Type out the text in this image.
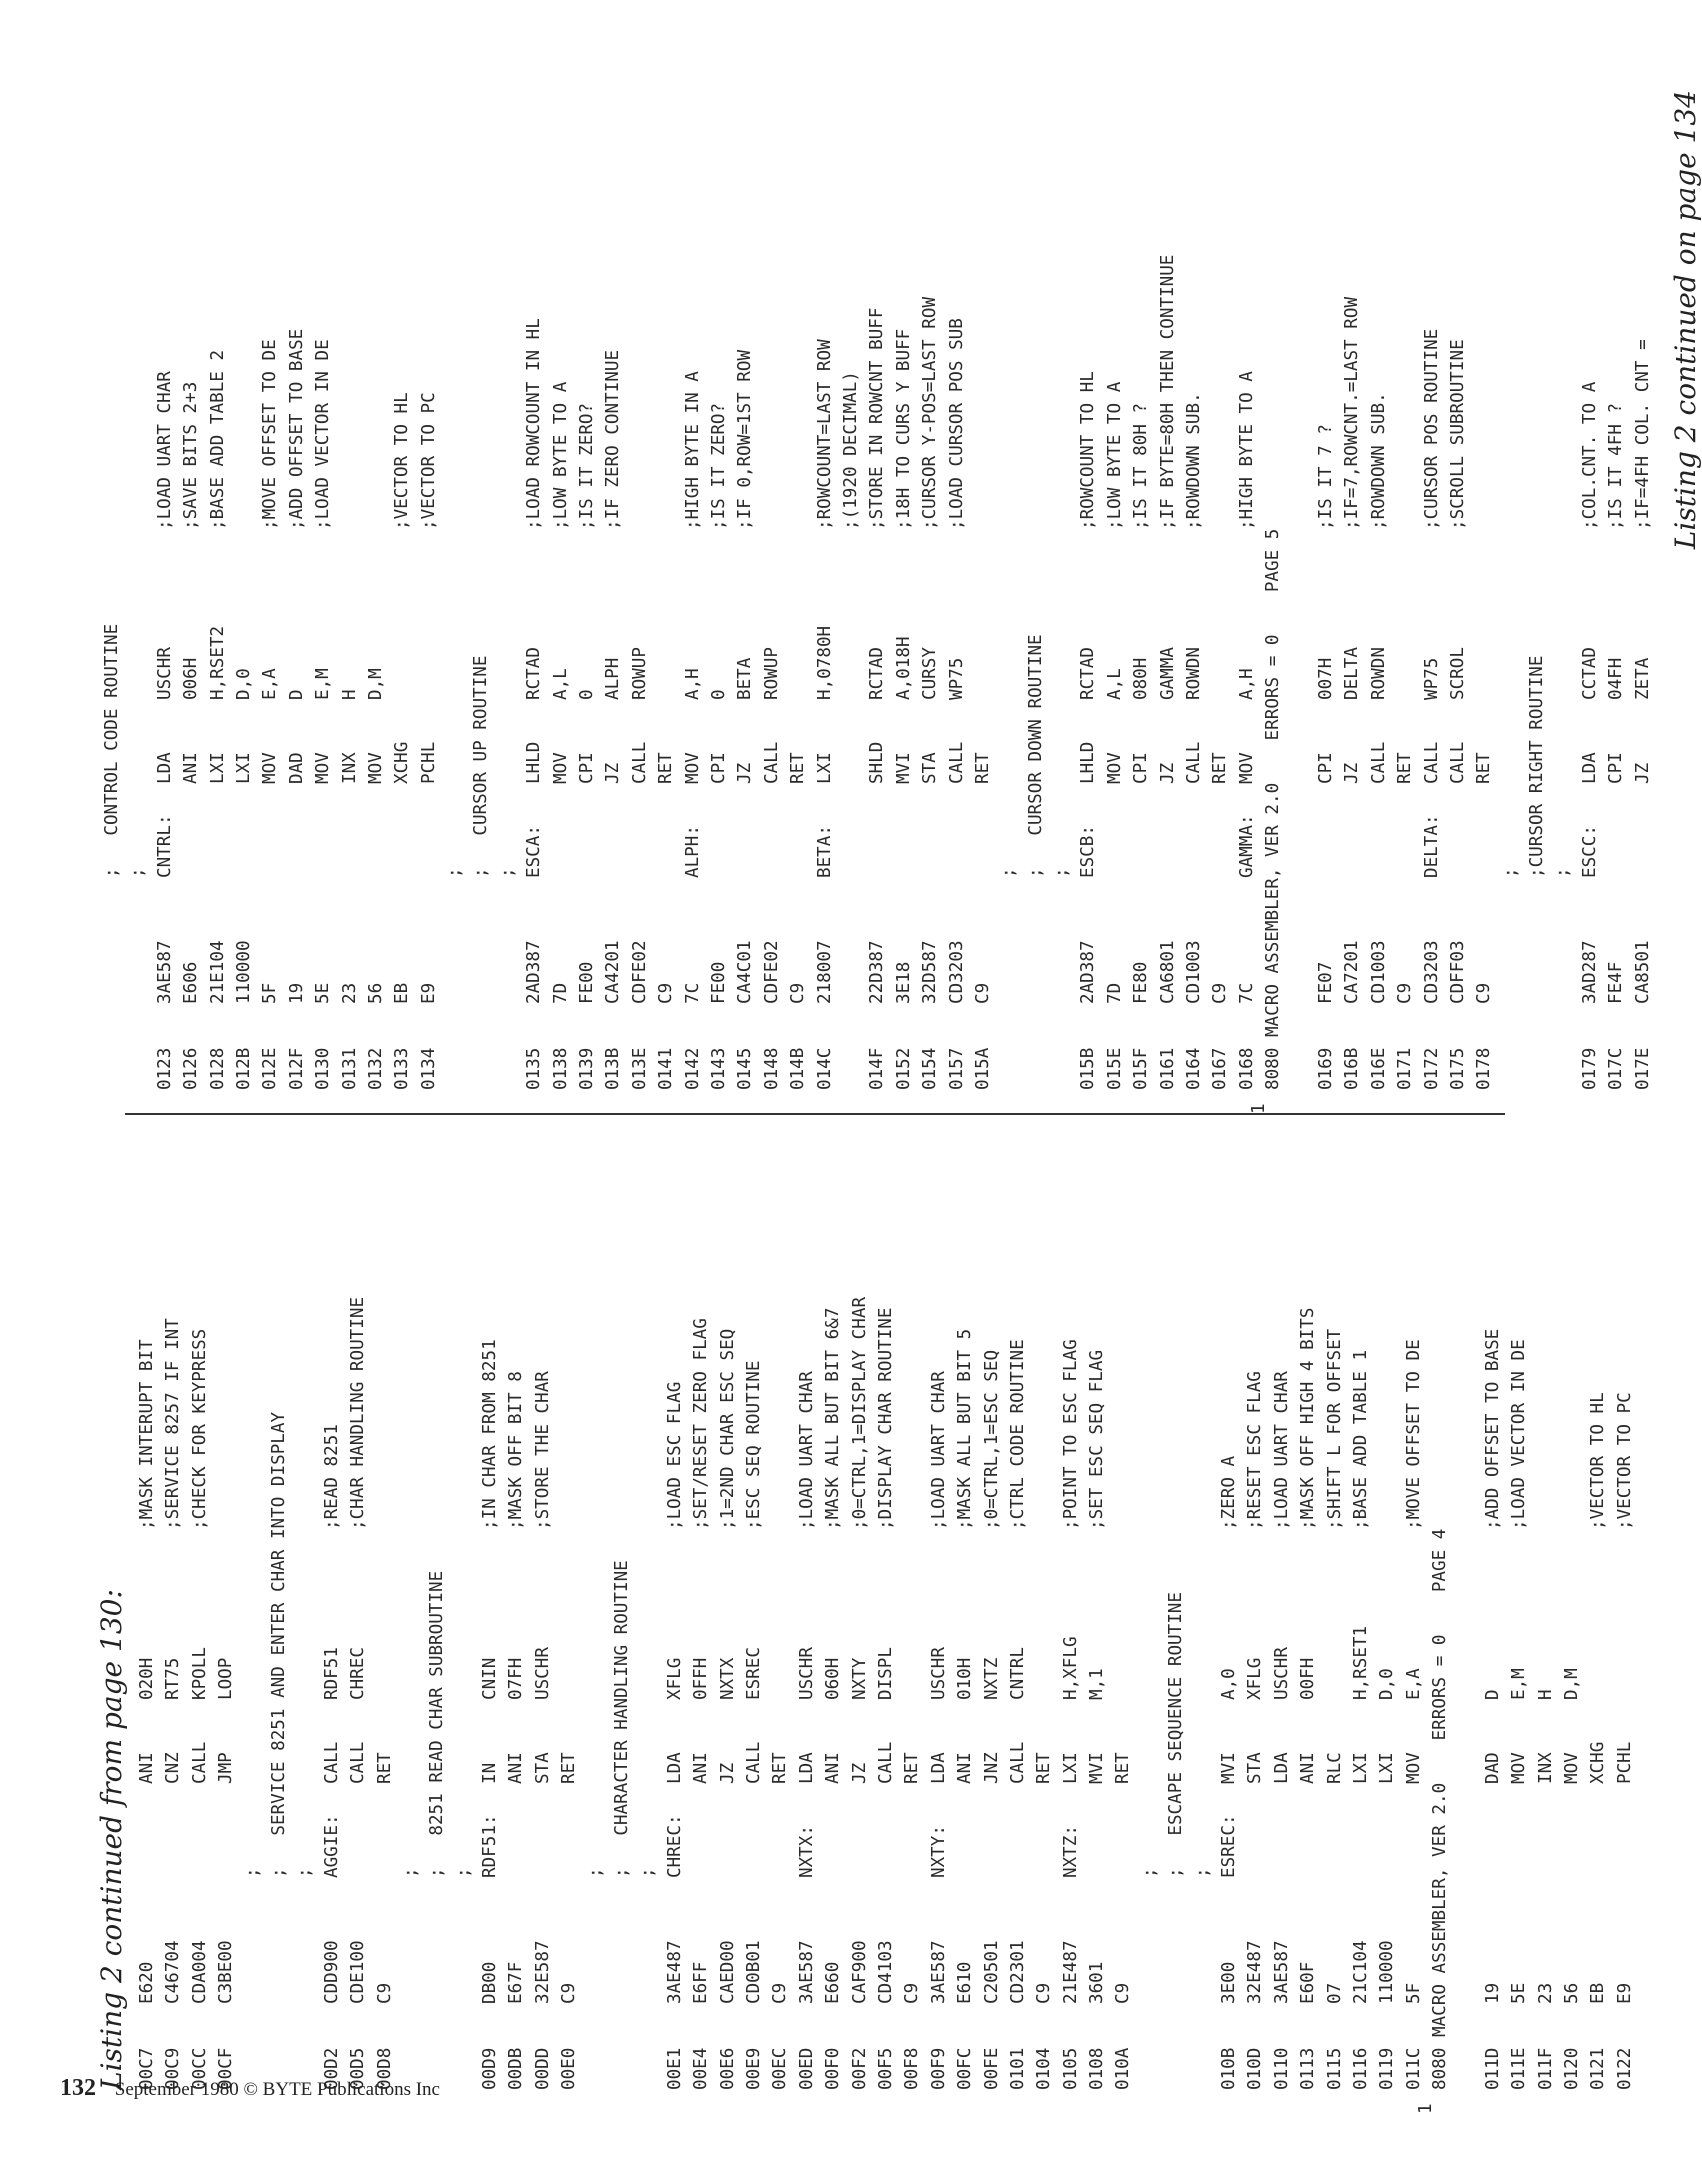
Listing 2 continued from page 130: 00C7
E620
ANI
020H
;MASK INTERUPT BIT
00C9
C46704
CNZ
RT75
;SERVICE 8257 IF INT
00CC
CDA004
CALL
KPOLL
;CHECK FOR KEYPRESS
00CF
C3BE00
JMP
LOOP
; ;   SERVICE 8251 AND ENTER CHAR INTO DISPLAY ;
00D2
CDD900
AGGIE:
CALL
RDF51
;READ 8251
00D5
CDE100
CALL
CHREC
;CHAR HANDLING ROUTINE
00D8
C9
RET
; ;   8251 READ CHAR SUBROUTINE ;
00D9
DB00
RDF51:
IN
CNIN
;IN CHAR FROM 8251
00DB
E67F
ANI
07FH
;MASK OFF BIT 8
00DD
32E587
STA
USCHR
;STORE THE CHAR
00E0
C9
RET
; ;   CHARACTER HANDLING ROUTINE ;
00E1
3AE487
CHREC:
LDA
XFLG
;LOAD ESC FLAG
00E4
E6FF
ANI
0FFH
;SET/RESET ZERO FLAG
00E6
CAED00
JZ
NXTX
;1=2ND CHAR ESC SEQ
00E9
CD0B01
CALL
ESREC
;ESC SEQ ROUTINE
00EC
C9
RET
00ED
3AE587
NXTX:
LDA
USCHR
;LOAD UART CHAR
00F0
E660
ANI
060H
;MASK ALL BUT BIT 6&7
00F2
CAF900
JZ
NXTY
;0=CTRL,1=DISPLAY CHAR
00F5
CD4103
CALL
DISPL
;DISPLAY CHAR ROUTINE
00F8
C9
RET
00F9
3AE587
NXTY:
LDA
USCHR
;LOAD UART CHAR
00FC
E610
ANI
010H
;MASK ALL BUT BIT 5
00FE
C20501
JNZ
NXTZ
;0=CTRL,1=ESC SEQ
0101
CD2301
CALL
CNTRL
;CTRL CODE ROUTINE
0104
C9
RET
0105
21E487
NXTZ:
LXI
H,XFLG
;POINT TO ESC FLAG
0108
3601
MVI
M,1
;SET ESC SEQ FLAG
010A
C9
RET
; ;   ESCAPE SEQUENCE ROUTINE ;
010B
3E00
ESREC:
MVI
A,0
;ZERO A
010D
32E487
STA
XFLG
;RESET ESC FLAG
0110
3AE587
LDA
USCHR
;LOAD UART CHAR
0113
E60F
ANI
00FH
;MASK OFF HIGH 4 BITS
0115
07
RLC
;SHIFT L FOR OFFSET
0116
21C104
LXI
H,RSET1
;BASE ADD TABLE 1
0119
110000
LXI
D,0
011C
5F
MOV
E,A
;MOVE OFFSET TO DE
1
8080 MACRO ASSEMBLER, VER 2.0    ERRORS = 0    PAGE 4 011D
19
DAD
D
;ADD OFFSET TO BASE
011E
5E
MOV
E,M
;LOAD VECTOR IN DE
011F
23
INX
H
0120
56
MOV
D,M
0121
EB
XCHG
;VECTOR TO HL
0122
E9
PCHL
;VECTOR TO PC
;   CONTROL CODE ROUTINE ;
0123
3AE587
CNTRL:
LDA
USCHR
;LOAD UART CHAR
0126
E606
ANI
006H
;SAVE BITS 2+3
0128
21E104
LXI
H,RSET2
;BASE ADD TABLE 2
012B
110000
LXI
D,0
012E
5F
MOV
E,A
;MOVE OFFSET TO DE
012F
19
DAD
D
;ADD OFFSET TO BASE
0130
5E
MOV
E,M
;LOAD VECTOR IN DE
0131
23
INX
H
0132
56
MOV
D,M
0133
EB
XCHG
;VECTOR TO HL
0134
E9
PCHL
;VECTOR TO PC
; ;   CURSOR UP ROUTINE ;
0135
2AD387
ESCA:
LHLD
RCTAD
;LOAD ROWCOUNT IN HL
0138
7D
MOV
A,L
;LOW BYTE TO A
0139
FE00
CPI
0
;IS IT ZERO?
013B
CA4201
JZ
ALPH
;IF ZERO CONTINUE
013E
CDFE02
CALL
ROWUP
0141
C9
RET
0142
7C
ALPH:
MOV
A,H
;HIGH BYTE IN A
0143
FE00
CPI
0
;IS IT ZERO?
0145
CA4C01
JZ
BETA
;IF 0,ROW=1ST ROW
0148
CDFE02
CALL
ROWUP
014B
C9
RET
014C
218007
BETA:
LXI
H,0780H
;ROWCOUNT=LAST ROW ;(1920 DECIMAL)
014F
22D387
SHLD
RCTAD
;STORE IN ROWCNT BUFF
0152
3E18
MVI
A,018H
;18H TO CURS Y BUFF
0154
32D587
STA
CURSY
;CURSOR Y-POS=LAST ROW
0157
CD3203
CALL
WP75
;LOAD CURSOR POS SUB
015A
C9
RET
; ;   CURSOR DOWN ROUTINE ;
015B
2AD387
ESCB:
LHLD
RCTAD
;ROWCOUNT TO HL
015E
7D
MOV
A,L
;LOW BYTE TO A
015F
FE80
CPI
080H
;IS IT 80H ?
0161
CA6801
JZ
GAMMA
;IF BYTE=80H THEN CONTINUE
0164
CD1003
CALL
ROWDN
;ROWDOWN SUB.
0167
C9
RET
0168
7C
GAMMA:
MOV
A,H
;HIGH BYTE TO A
1
8080 MACRO ASSEMBLER, VER 2.0    ERRORS = 0    PAGE 5 0169
FE07
CPI
007H
;IS IT 7 ?
016B
CA7201
JZ
DELTA
;IF=7,ROWCNT.=LAST ROW
016E
CD1003
CALL
ROWDN
;ROWDOWN SUB.
0171
C9
RET
0172
CD3203
DELTA:
CALL
WP75
;CURSOR POS ROUTINE
0175
CDFF03
CALL
SCROL
;SCROLL SUBROUTINE
0178
C9
RET
; ;CURSOR RIGHT ROUTINE ;
0179
3AD287
ESCC:
LDA
CCTAD
;COL.CNT. TO A
017C
FE4F
CPI
04FH
;IS IT 4FH ?
017E
CA8501
JZ
ZETA
;IF=4FH COL. CNT = Listing 2 continued on page 134
132 September 1980 © BYTE Publications Inc
